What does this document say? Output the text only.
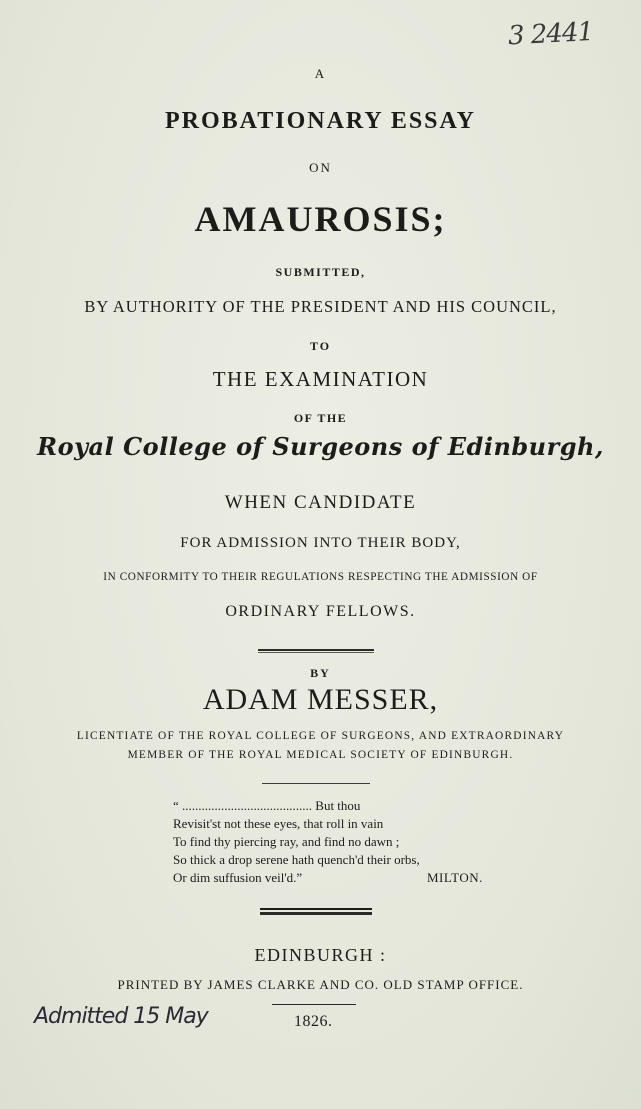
3 2441
A
PROBATIONARY ESSAY
ON
AMAUROSIS;
SUBMITTED,
BY AUTHORITY OF THE PRESIDENT AND HIS COUNCIL,
TO
THE EXAMINATION
OF THE
Royal College of Surgeons of Edinburgh,
WHEN CANDIDATE
FOR ADMISSION INTO THEIR BODY,
IN CONFORMITY TO THEIR REGULATIONS RESPECTING THE ADMISSION OF
ORDINARY FELLOWS.
BY
ADAM MESSER,
LICENTIATE OF THE ROYAL COLLEGE OF SURGEONS, AND EXTRAORDINARY
MEMBER OF THE ROYAL MEDICAL SOCIETY OF EDINBURGH.
“ ........................................ But thou
Revisit'st not these eyes, that roll in vain
To find thy piercing ray, and find no dawn ;
So thick a drop serene hath quench'd their orbs,
Or dim suffusion veil'd.”	MILTON.
EDINBURGH :
PRINTED BY JAMES CLARKE AND CO. OLD STAMP OFFICE.
Admitted 15 May	1826.
